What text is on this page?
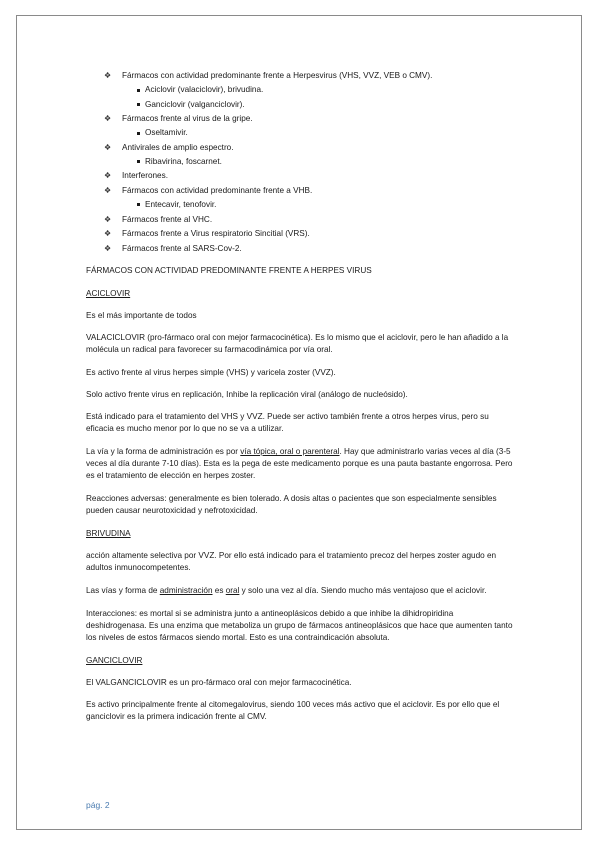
❖ Fármacos con actividad predominante frente a Herpesvirus (VHS, VVZ, VEB o CMV).
Aciclovir (valaciclovir), brivudina.
Ganciclovir (valganciclovir).
❖ Fármacos frente al virus de la gripe.
Oseltamivir.
❖ Antivirales de amplio espectro.
Ribavirina, foscarnet.
❖ Interferones.
❖ Fármacos con actividad predominante frente a VHB.
Entecavir, tenofovir.
❖ Fármacos frente al VHC.
❖ Fármacos frente a Virus respiratorio Sincitial (VRS).
❖ Fármacos frente al SARS-Cov-2.

FÁRMACOS CON ACTIVIDAD PREDOMINANTE FRENTE A HERPES VIRUS

ACICLOVIR

Es el más importante de todos

VALACICLOVIR (pro-fármaco oral con mejor farmacocinética). Es lo mismo que el aciclovir, pero le han añadido a la molécula un radical para favorecer su farmacodinámica por vía oral.

Es activo frente al virus herpes simple (VHS) y varicela zoster (VVZ).

Solo activo frente virus en replicación, Inhibe la replicación viral (análogo de nucleósido).

Está indicado para el tratamiento del VHS y VVZ. Puede ser activo también frente a otros herpes virus, pero su eficacia es mucho menor por lo que no se va a utilizar.

La vía y la forma de administración es por vía tópica, oral o parenteral. Hay que administrarlo varias veces al día (3-5 veces al día durante 7-10 días). Esta es la pega de este medicamento porque es una pauta bastante engorrosa. Pero es el tratamiento de elección en herpes zoster.

Reacciones adversas: generalmente es bien tolerado. A dosis altas o pacientes que son especialmente sensibles pueden causar neurotoxicidad y nefrotoxicidad.

BRIVUDINA

acción altamente selectiva por VVZ. Por ello está indicado para el tratamiento precoz del herpes zoster agudo en adultos inmunocompetentes.

Las vías y forma de administración es oral y solo una vez al día. Siendo mucho más ventajoso que el aciclovir.

Interacciones: es mortal si se administra junto a antineoplásicos debido a que inhibe la dihidropiridina deshidrogenasa. Es una enzima que metaboliza un grupo de fármacos antineoplásicos que hace que aumenten tanto los niveles de estos fármacos siendo mortal. Esto es una contraindicación absoluta.

GANCICLOVIR

El VALGANCICLOVIR es un pro-fármaco oral con mejor farmacocinética.

Es activo principalmente frente al citomegalovirus, siendo 100 veces más activo que el aciclovir. Es por ello que el ganciclovir es la primera indicación frente al CMV.

pág. 2
